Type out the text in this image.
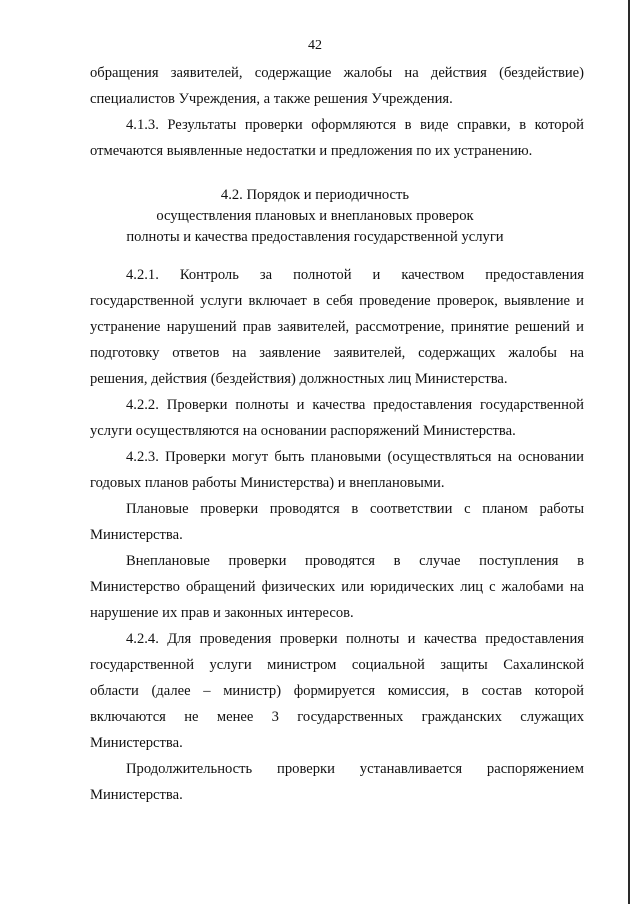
42
обращения заявителей, содержащие жалобы на действия (бездействие)
специалистов Учреждения, а также решения Учреждения.
4.1.3. Результаты проверки оформляются в виде справки, в которой
отмечаются выявленные недостатки и предложения по их устранению.
4.2. Порядок и периодичность
осуществления плановых и внеплановых проверок
полноты и качества предоставления государственной услуги
4.2.1. Контроль за полнотой и качеством предоставления
государственной услуги включает в себя проведение проверок, выявление и
устранение нарушений прав заявителей, рассмотрение, принятие решений и
подготовку ответов на заявление заявителей, содержащих жалобы на
решения, действия (бездействия) должностных лиц Министерства.
4.2.2. Проверки полноты и качества предоставления государственной
услуги осуществляются на основании распоряжений Министерства.
4.2.3. Проверки могут быть плановыми (осуществляться на основании
годовых планов работы Министерства) и внеплановыми.
Плановые проверки проводятся в соответствии с планом работы
Министерства.
Внеплановые проверки проводятся в случае поступления в
Министерство обращений физических или юридических лиц с жалобами на
нарушение их прав и законных интересов.
4.2.4. Для проведения проверки полноты и качества предоставления
государственной услуги министром социальной защиты Сахалинской
области (далее – министр) формируется комиссия, в состав которой
включаются не менее 3 государственных гражданских служащих
Министерства.
Продолжительность проверки устанавливается распоряжением
Министерства.
